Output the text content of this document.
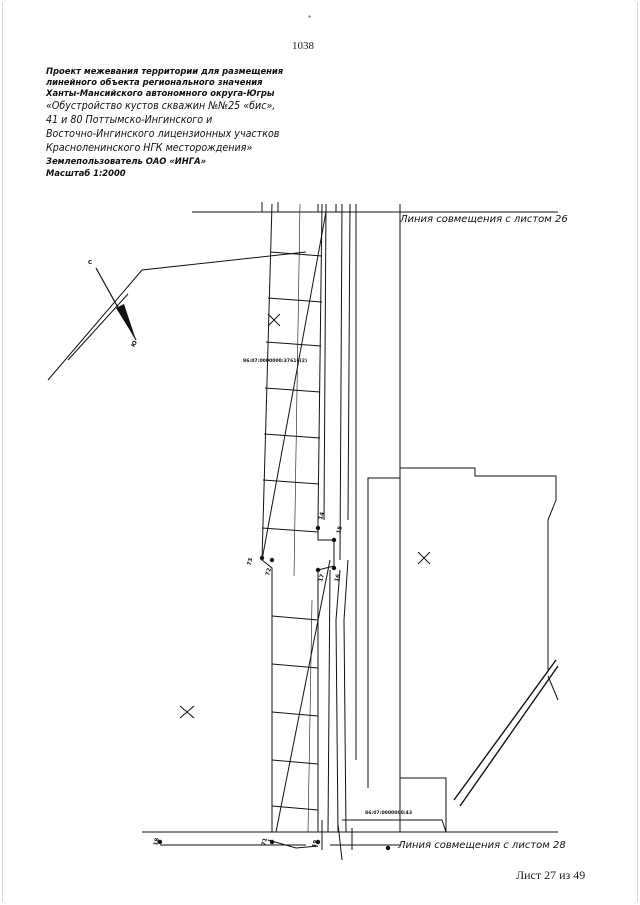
*
1038
Проект межевания территории для размещения
линейного объекта регионального значения
Ханты-Мансийского автономного округа-Югры
«Обустройство кустов скважин №№25 «бис»,
41 и 80 Поттымско-Ингинского и
Восточно-Ингинского лицензионных участков
Красноленинского НГК месторождения»
Землепользователь ОАО «ИНГА»
Масштаб 1:2000
С
Ю
14
15
73
72
17 16
18	71	19
86:07:0000000:37616(2)
86:07:0000000:43
Линия совмещения с листом 26
Линия совмещения с листом 28
Лист 27 из 49
